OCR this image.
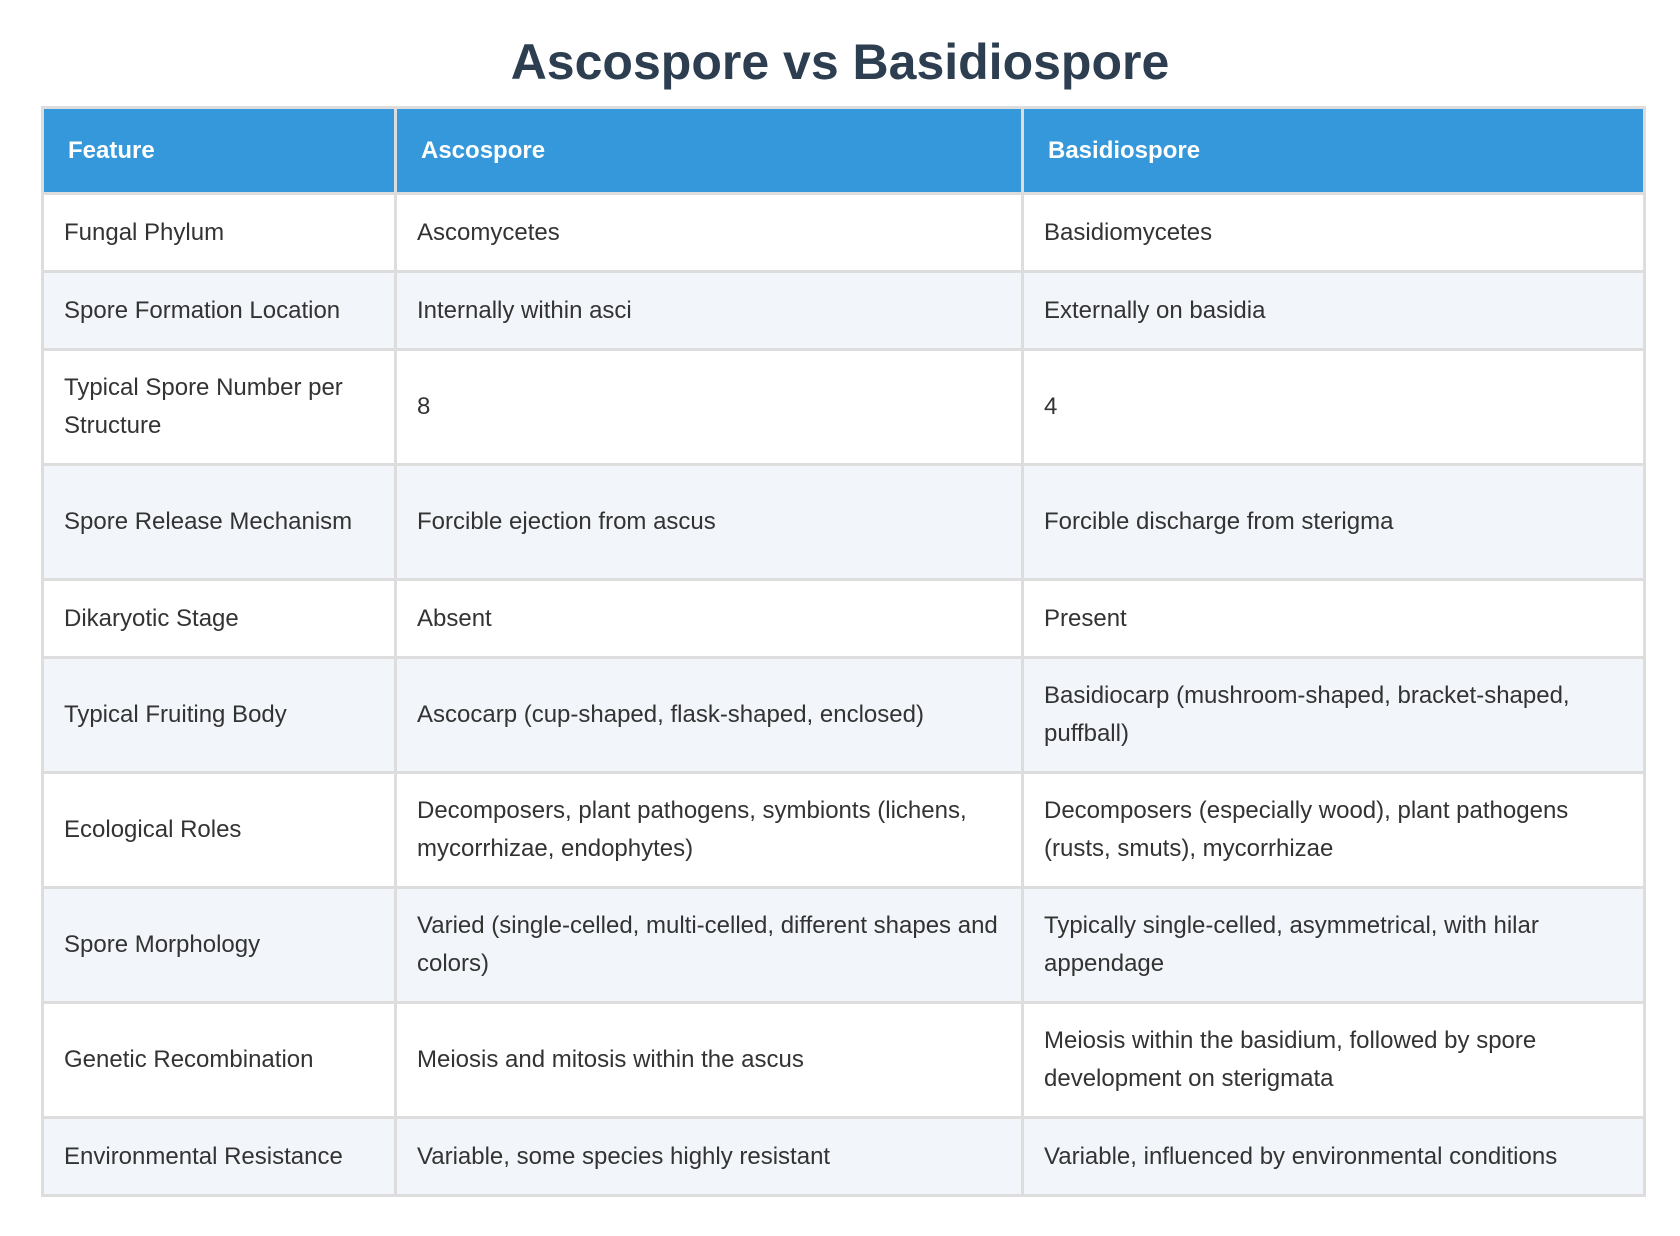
Ascospore vs Basidiospore
Feature	Ascospore	Basidiospore
Fungal Phylum	Ascomycetes	Basidiomycetes
Spore Formation Location	Internally within asci	Externally on basidia
Typical Spore Number per Structure	8	4
Spore Release Mechanism	Forcible ejection from ascus	Forcible discharge from sterigma
Dikaryotic Stage	Absent	Present
Typical Fruiting Body	Ascocarp (cup-shaped, flask-shaped, enclosed)	Basidiocarp (mushroom-shaped, bracket-shaped, puffball)
Ecological Roles	Decomposers, plant pathogens, symbionts (lichens, mycorrhizae, endophytes)	Decomposers (especially wood), plant pathogens (rusts, smuts), mycorrhizae
Spore Morphology	Varied (single-celled, multi-celled, different shapes and colors)	Typically single-celled, asymmetrical, with hilar appendage
Genetic Recombination	Meiosis and mitosis within the ascus	Meiosis within the basidium, followed by spore development on sterigmata
Environmental Resistance	Variable, some species highly resistant	Variable, influenced by environmental conditions
